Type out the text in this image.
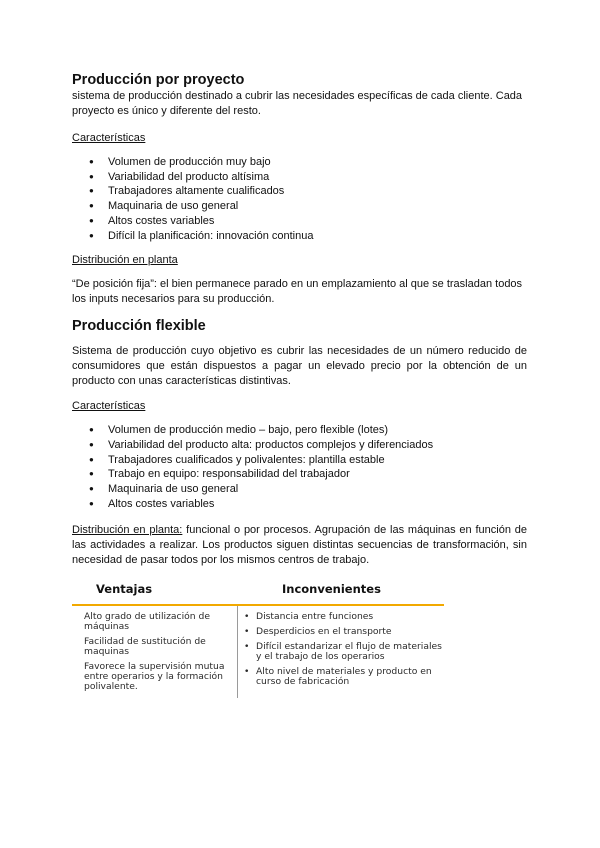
Producción por proyecto

sistema de producción destinado a cubrir las necesidades específicas de cada cliente. Cada proyecto es único y diferente del resto.

Características
● Volumen de producción muy bajo
● Variabilidad del producto altísima
● Trabajadores altamente cualificados
● Maquinaria de uso general
● Altos costes variables
● Difícil la planificación: innovación continua
Distribución en planta

“De posición fija”: el bien permanece parado en un emplazamiento al que se trasladan todos los inputs necesarios para su producción.

Producción flexible

Sistema de producción cuyo objetivo es cubrir las necesidades de un número reducido de consumidores que están dispuestos a pagar un elevado precio por la obtención de un producto con unas características distintivas.

Características
● Volumen de producción medio – bajo, pero flexible (lotes)
● Variabilidad del producto alta: productos complejos y diferenciados
● Trabajadores cualificados y polivalentes: plantilla estable
● Trabajo en equipo: responsabilidad del trabajador
● Maquinaria de uso general
● Altos costes variables

Distribución en planta: funcional o por procesos. Agrupación de las máquinas en función de las actividades a realizar. Los productos siguen distintas secuencias de transformación, sin necesidad de pasar todos por los mismos centros de trabajo.

Ventajas	Inconvenientes
Alto grado de utilización de máquinas
Facilidad de sustitución de maquinas
Favorece la supervisión mutua entre operarios y la formación polivalente.
• Distancia entre funciones
• Desperdicios en el transporte
• Difícil estandarizar el flujo de materiales y el trabajo de los operarios
• Alto nivel de materiales y producto en curso de fabricación
